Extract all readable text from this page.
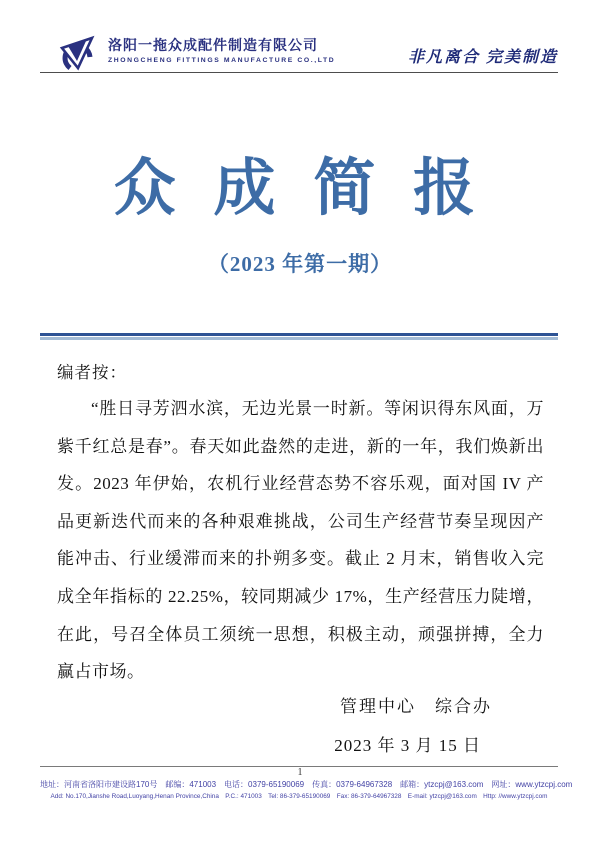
洛阳一拖众成配件制造有限公司
ZHONGCHENG FITTINGS MANUFACTURE CO.,LTD	非凡离合 完美制造
众 成 简 报
（2023 年第一期）
编者按：
“胜日寻芳泗水滨，无边光景一时新。等闲识得东风面，万紫千红总是春”。春天如此盎然的走进，新的一年，我们焕新出发。2023 年伊始，农机行业经营态势不容乐观，面对国 IV 产品更新迭代而来的各种艰难挑战，公司生产经营节奏呈现因产能冲击、行业缓滞而来的扑朔多变。截止 2 月末，销售收入完成全年指标的 22.25%，较同期减少 17%，生产经营压力陡增，在此，号召全体员工须统一思想，积极主动，顽强拼搏，全力赢占市场。
管理中心　综合办
2023 年 3 月 15 日
1
地址：河南省洛阳市建设路170号　邮编：471003　电话：0379-65190069　传真：0379-64967328　邮箱：ytzcpj@163.com　网址：www.ytzcpj.com
Add: No.170,Jianshe Road,Luoyang,Henan Province,China　P.C.: 471003　Tel: 86-379-65190069　Fax: 86-379-64967328　E-mail: ytzcpj@163.com　Http: //www.ytzcpj.com
